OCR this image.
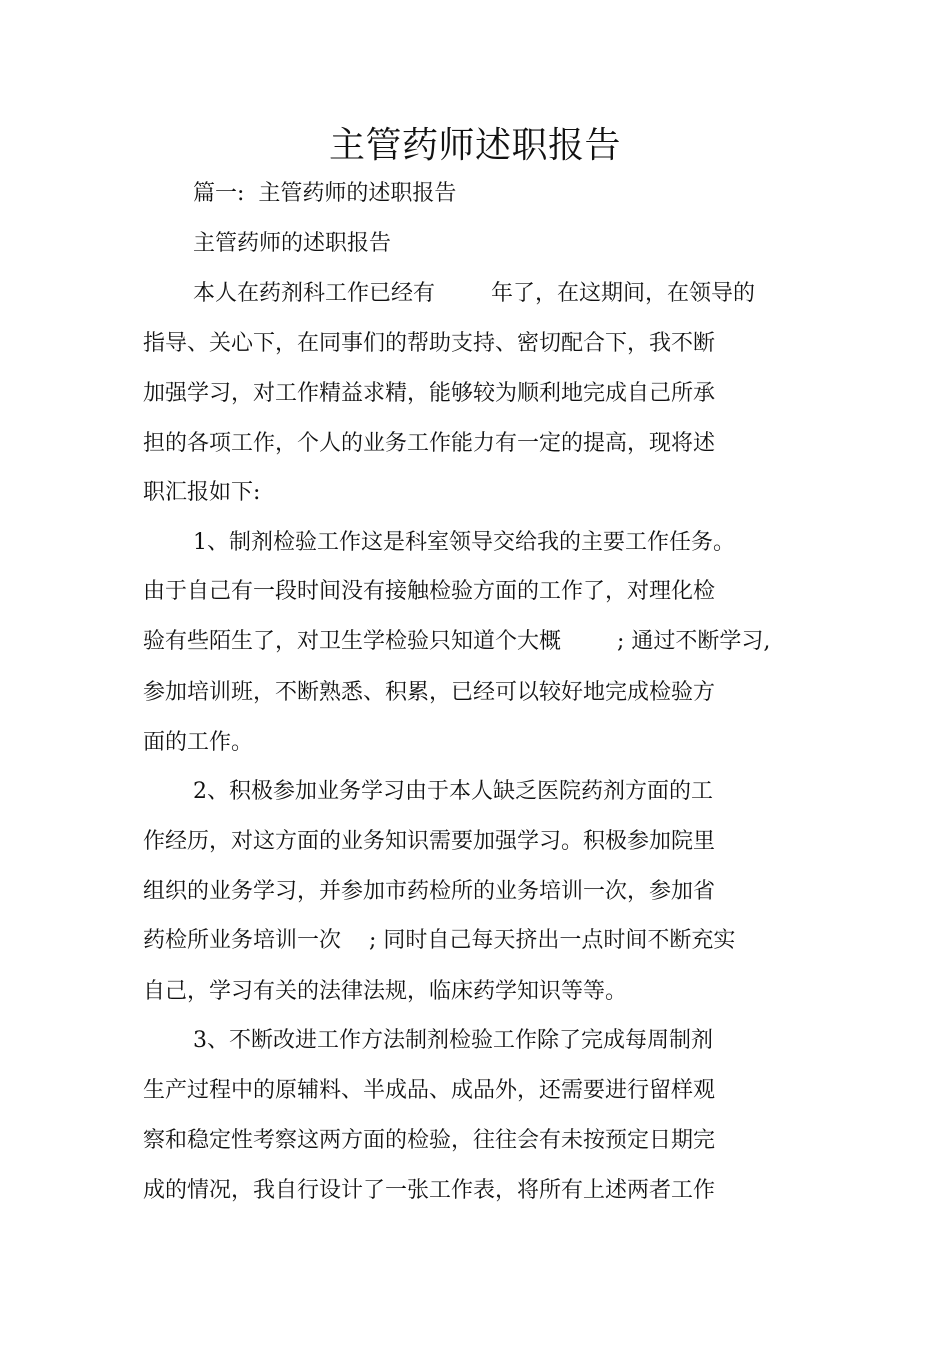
主管药师述职报告
篇一:  主管药师的述职报告
主管药师的述职报告
本人在药剂科工作已经有        年了，在这期间，在领导的
指导、关心下，在同事们的帮助支持、密切配合下，我不断
加强学习，对工作精益求精，能够较为顺利地完成自己所承
担的各项工作，个人的业务工作能力有一定的提高，现将述
职汇报如下:
1、制剂检验工作这是科室领导交给我的主要工作任务。
由于自己有一段时间没有接触检验方面的工作了，对理化检
验有些陌生了，对卫生学检验只知道个大概        ; 通过不断学习,
参加培训班，不断熟悉、积累，已经可以较好地完成检验方
面的工作。
2、积极参加业务学习由于本人缺乏医院药剂方面的工
作经历，对这方面的业务知识需要加强学习。积极参加院里
组织的业务学习，并参加市药检所的业务培训一次，参加省
药检所业务培训一次    ; 同时自己每天挤出一点时间不断充实
自己，学习有关的法律法规，临床药学知识等等。
3、不断改进工作方法制剂检验工作除了完成每周制剂
生产过程中的原辅料、半成品、成品外，还需要进行留样观
察和稳定性考察这两方面的检验，往往会有未按预定日期完
成的情况，我自行设计了一张工作表，将所有上述两者工作
